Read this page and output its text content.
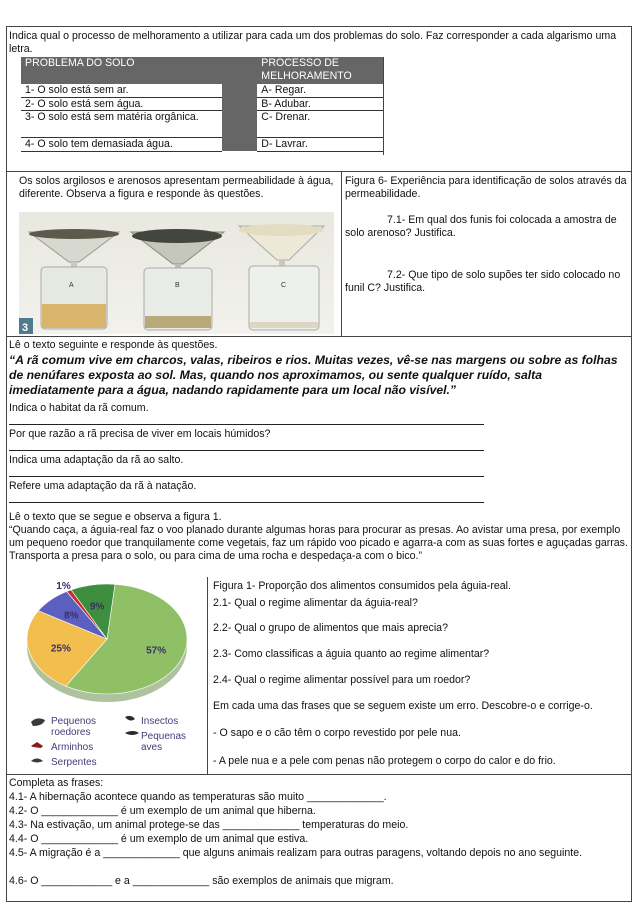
Indica qual o processo de melhoramento a utilizar para cada um dos problemas do solo. Faz corresponder a cada algarismo uma letra.
PROBLEMA DO SOLO		PROCESSO DE MELHORAMENTO
1- O solo está sem ar.		A- Regar.
2- O solo está sem água.		B- Adubar.
3- O solo está sem matéria orgânica.		C- Drenar.
4- O solo tem demasiada água.		D- Lavrar.
Os solos argilosos e arenosos apresentam permeabilidade à água, diferente. Observa a figura e responde às questões.
A	B	C
3
Figura 6- Experiência para identificação de solos através da permeabilidade.
7.1- Em qual dos funis foi colocada a amostra de solo arenoso? Justifica.
7.2- Que tipo de solo supões ter sido colocado no funil C? Justifica.
Lê o texto seguinte e responde às questões.
“A rã comum vive em charcos, valas, ribeiros e rios. Muitas vezes, vê-se nas margens ou sobre as folhas de nenúfares exposta ao sol. Mas, quando nos aproximamos, ou sente qualquer ruído, salta imediatamente para a água, nadando rapidamente para um local não visível.”
Indica o habitat da rã comum.
Por que razão a rã precisa de viver em locais húmidos?
Indica uma adaptação da rã ao salto.
Refere uma adaptação da rã à natação.
Lê o texto que se segue e observa a figura 1.
“Quando caça, a águia-real faz o voo planado durante algumas horas para procurar as presas. Ao avistar uma presa, por exemplo um pequeno roedor que tranquilamente come vegetais, faz um rápido voo picado e agarra-a com as suas fortes e aguçadas garras. Transporta a presa para o solo, ou para cima de uma rocha e despedaça-a com o bico.”
57%
25%
8%
1%
9%
Pequenos
roedores
Insectos
Pequenas
aves
Arminhos
Serpentes
Figura 1- Proporção dos alimentos consumidos pela águia-real.
2.1- Qual o regime alimentar da águia-real?
2.2- Qual o grupo de alimentos que mais aprecia?
2.3- Como classificas a águia quanto ao regime alimentar?
2.4- Qual o regime alimentar possível para um roedor?
Em cada uma das frases que se seguem existe um erro. Descobre-o e corrige-o.
- O sapo e o cão têm o corpo revestido por pele nua.
- A pele nua e a pele com penas não protegem o corpo do calor e do frio.
Completa as frases:
4.1- A hibernação acontece quando as temperaturas são muito _____________.
4.2- O _____________ é um exemplo de um animal que hiberna.
4.3- Na estivação, um animal protege-se das _____________ temperaturas do meio.
4.4- O _____________ é um exemplo de um animal que estiva.
4.5- A migração é a _____________ que alguns animais realizam para outras paragens, voltando depois no ano seguinte.
4.6- O ____________ e a _____________ são exemplos de animais que migram.
